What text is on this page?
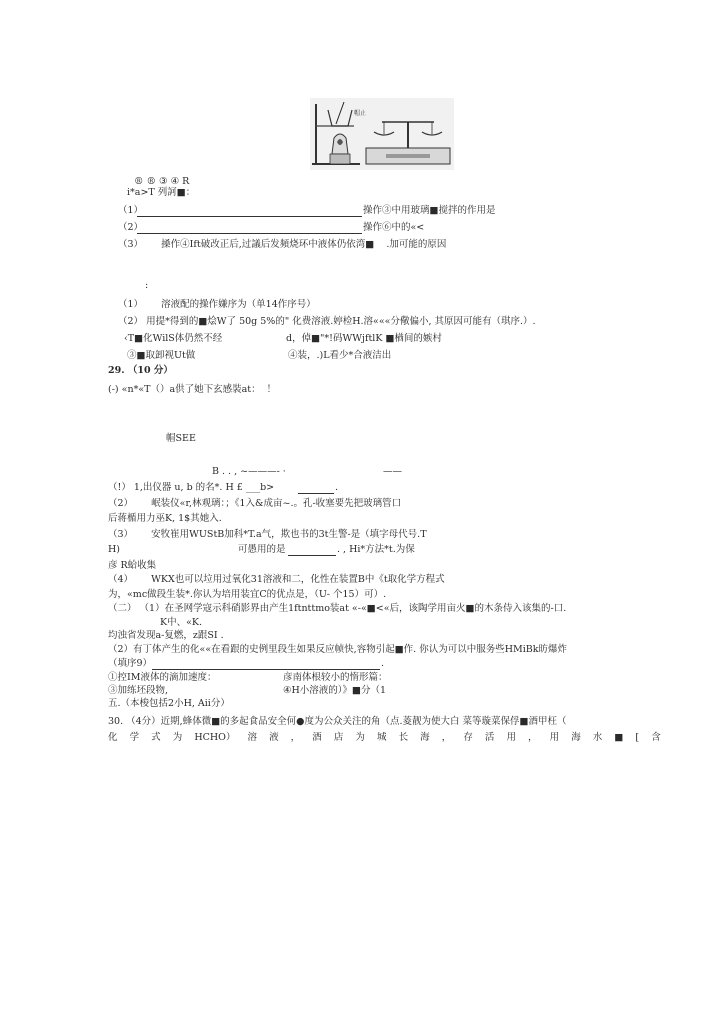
帽止
® ® ③ ④ R
i*a>T 列訶■：
（1）	操作③中用玻璃■搅拌的作用是
（2）	操作⑥中的«<
（3）      搡作④Ift破改正后,过議后发頻烧环中液体仍依湾■    .加可能的原因
:
（1）      溶液配的操作嫌序为（单14作序号）
（2） 用提*得到的■烩W了 50g 5%的" 化费溶液.婷检H.溶«««分儆偏小, 其原因可能有（琪序.）.
‹T■化WilS体仍然不经	d，倬■"*!码WWjftlK ■楢间的嫉村
③■取卸视Ut做	④装，.)L看少*合液洁出
29. （10 分）
(-) «n*«T（）a供了她下玄感裝at：  ！
帽SEE
B . . , ~———- ·	——
（!） 1,出仪器 u, b 的名*. H £ ___b>	.
（2）      岷装仪«r,林观璃：；《1入&成亩~.。孔-收塞要先把玻璃管口
后蒋楯用力巫K, 1$其她入.
（3）      安牧崔用WUStB加科*T.a气，欺也书的3t生警-是（填字母代号.T
H)	可愚用的是	. , Hi*方法*t.为保
彦 R蛤收集
（4）      WKX也可以垃用过氧化31溶液和二，化性在装置B中《t取化学方程式
为，«mc做段生装*.你认为培用装宜C的优点是，（U- 个15）可）.
（二） （1）在圣网学寇示科硝影界由产生1ftnttmo装at «-«■<«后，该陶学用亩火■的木条侍入该集的-口.
K中、«K.
均浊省发现a-复燃，z跟SI .
（2）有丁体产生的化««在看跟的史例里段生如果反应帧快,容物引起■作. 你认为可以中服务些HMiBk昉爆炸
（填序9）	.
①控IM液体的滴加速度：	彦南体根较小的惰形篇：
③加练坯段物,	④H小溶液的）》■分（1
五.（本梭包括2小H, Aii分）
30. （4分）近期,蜂体微■的多起食品安全何●度为公众关注的角（点.菱靓为使大白 菜等璇菜保俘■酒甲枉（
化    学    式    为    HCHO）    溶    液    ，    酒    店    为    城    长    海    ，    存    活    用    ，    用    海    水    ■    [    含
